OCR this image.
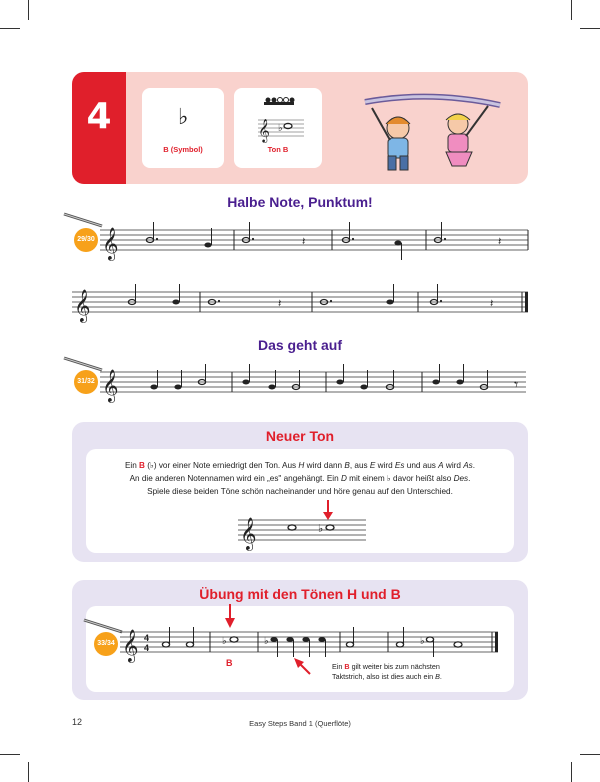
4	♭
B (Symbol)
𝄞 ♭
Ton B
Halbe Note, Punktum!
29/30 𝄞	𝄽	𝄽
𝄞	𝄽	𝄽
Das geht auf
31/32 𝄞	𝄾
Neuer Ton
Ein B (♭) vor einer Note erniedrigt den Ton. Aus H wird dann B, aus E wird Es und aus A wird As.
An die anderen Notennamen wird ein „es" angehängt. Ein D mit einem ♭ davor heißt also Des.
Spiele diese beiden Töne schön nacheinander und höre genau auf den Unterschied.
𝄞	♭
Übung mit den Tönen H und B
33/34 𝄞 4
4
♭	♭	♭
B	Ein B gilt weiter bis zum nächsten
Taktstrich, also ist dies auch ein B.
12	Easy Steps Band 1 (Querflöte)
